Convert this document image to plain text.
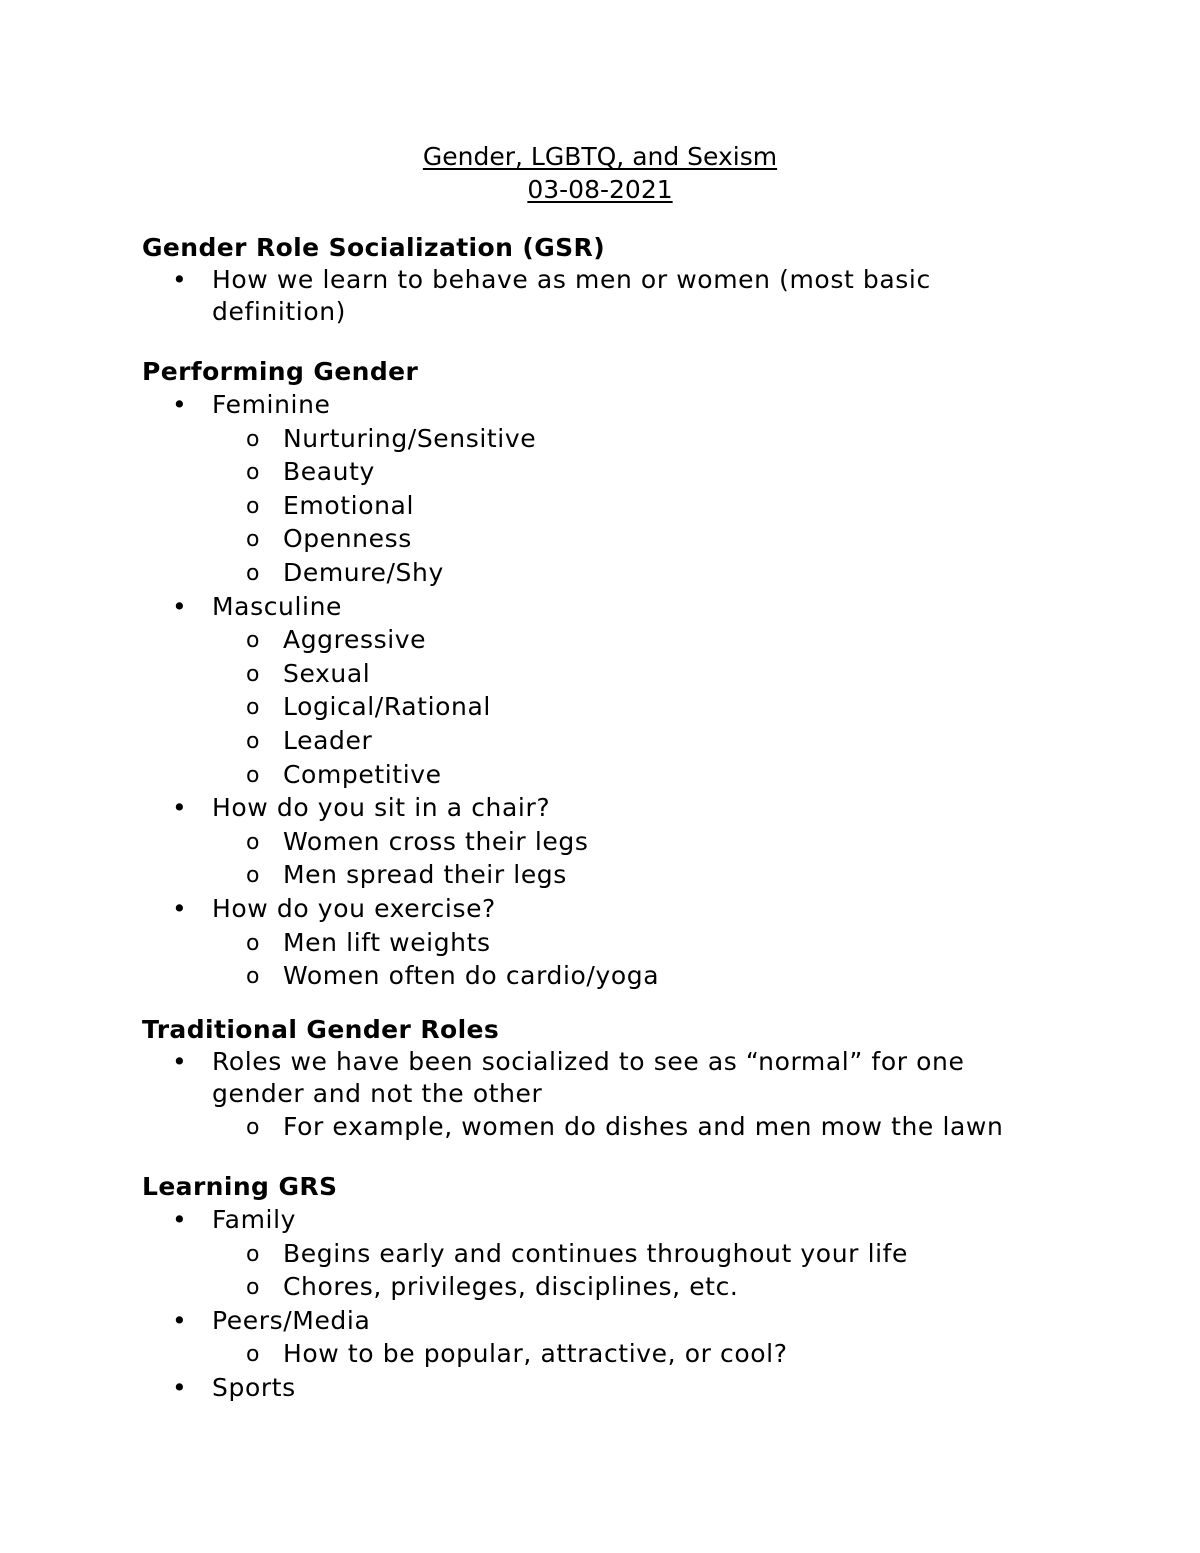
Gender, LGBTQ, and Sexism
03-08-2021
Gender Role Socialization (GSR)
• How we learn to behave as men or women (most basic definition)
Performing Gender
• Feminine
o Nurturing/Sensitive
o Beauty
o Emotional
o Openness
o Demure/Shy
• Masculine
o Aggressive
o Sexual
o Logical/Rational
o Leader
o Competitive
• How do you sit in a chair?
o Women cross their legs
o Men spread their legs
• How do you exercise?
o Men lift weights
o Women often do cardio/yoga
Traditional Gender Roles
• Roles we have been socialized to see as “normal” for one gender and not the other
o For example, women do dishes and men mow the lawn
Learning GRS
• Family
o Begins early and continues throughout your life
o Chores, privileges, disciplines, etc.
• Peers/Media
o How to be popular, attractive, or cool?
• Sports
